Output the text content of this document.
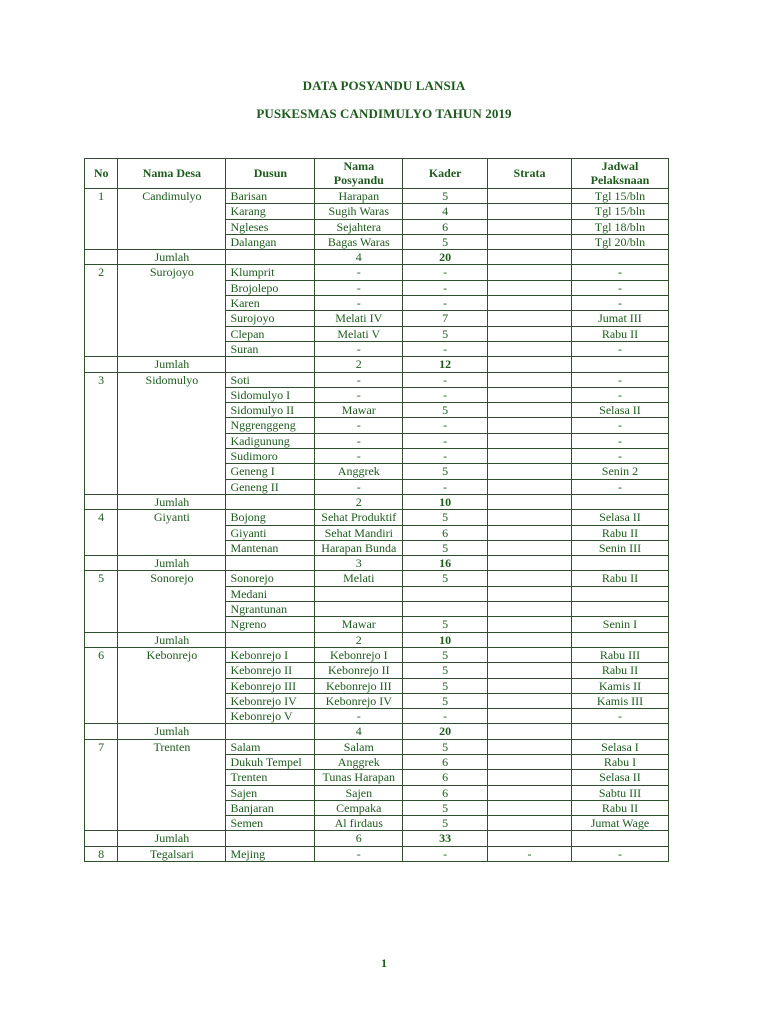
DATA POSYANDU LANSIA
PUSKESMAS CANDIMULYO TAHUN 2019
No	Nama Desa	Dusun	Nama Posyandu	Kader	Strata	Jadwal Pelaksnaan
1	Candimulyo	Barisan	Harapan	5		Tgl 15/bln
		Karang	Sugih Waras	4		Tgl 15/bln
		Ngleses	Sejahtera	6		Tgl 18/bln
		Dalangan	Bagas Waras	5		Tgl 20/bln
	Jumlah		4	20		
2	Surojoyo	Klumprit	-	-		-
		Brojolepo	-	-		-
		Karen	-	-		-
		Surojoyo	Melati IV	7		Jumat III
		Clepan	Melati V	5		Rabu II
		Suran	-	-		-
	Jumlah		2	12		
3	Sidomulyo	Soti	-	-		-
		Sidomulyo I	-	-		-
		Sidomulyo II	Mawar	5		Selasa II
		Nggrenggeng	-	-		-
		Kadigunung	-	-		-
		Sudimoro	-	-		-
		Geneng I	Anggrek	5		Senin 2
		Geneng II	-	-		-
	Jumlah		2	10		
4	Giyanti	Bojong	Sehat Produktif	5		Selasa II
		Giyanti	Sehat Mandiri	6		Rabu II
		Mantenan	Harapan Bunda	5		Senin III
	Jumlah		3	16		
5	Sonorejo	Sonorejo	Melati	5		Rabu II
		Medani				
		Ngrantunan				
		Ngreno	Mawar	5		Senin I
	Jumlah		2	10		
6	Kebonrejo	Kebonrejo I	Kebonrejo I	5		Rabu III
		Kebonrejo II	Kebonrejo II	5		Rabu II
		Kebonrejo III	Kebonrejo III	5		Kamis II
		Kebonrejo IV	Kebonrejo IV	5		Kamis III
		Kebonrejo V	-	-		-
	Jumlah		4	20		
7	Trenten	Salam	Salam	5		Selasa I
		Dukuh Tempel	Anggrek	6		Rabu I
		Trenten	Tunas Harapan	6		Selasa II
		Sajen	Sajen	6		Sabtu III
		Banjaran	Cempaka	5		Rabu II
		Semen	Al firdaus	5		Jumat Wage
	Jumlah		6	33		
8	Tegalsari	Mejing	-	-	-	-
1
